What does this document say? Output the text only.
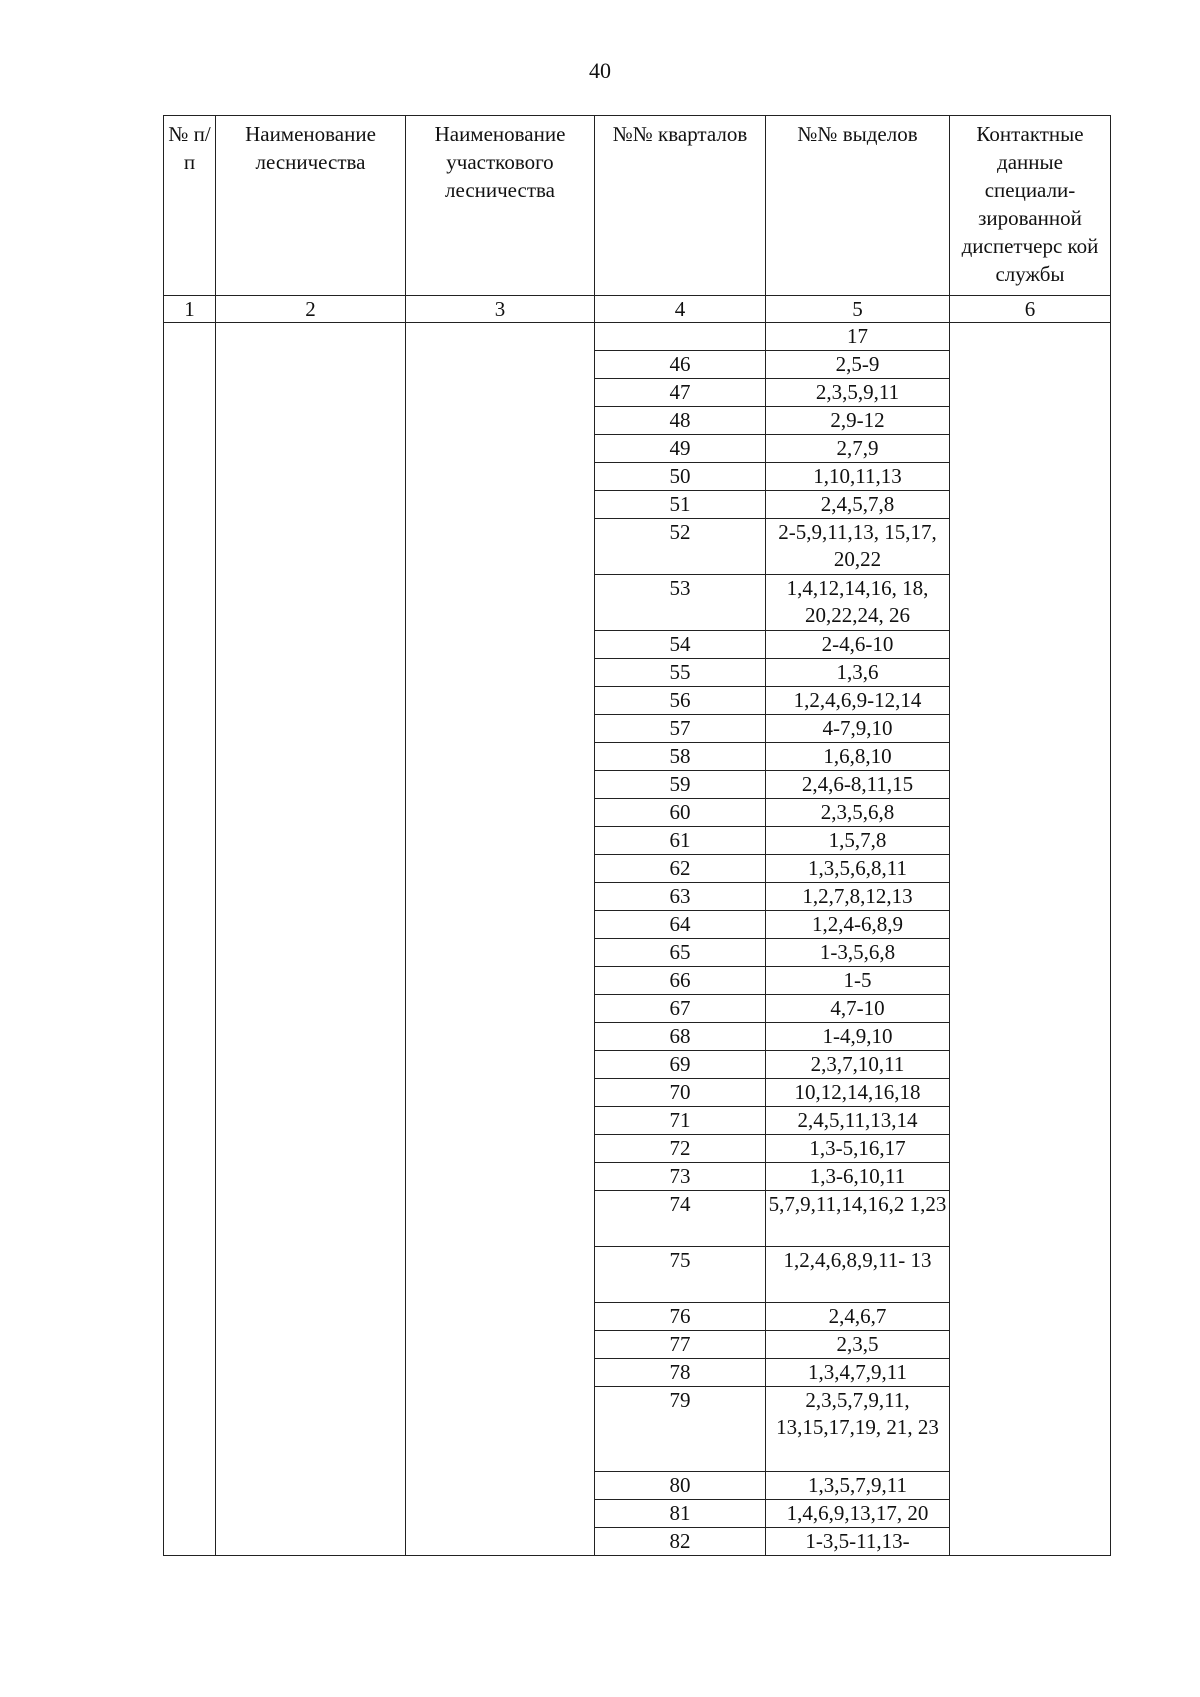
40
№ п/п	Наименование лесничества	Наименование участкового лесничества	№№ кварталов	№№ выделов	Контактные данные специали-зированной диспетчерс кой службы
1	2	3	4	5	6
				17	
			46	2,5-9	
			47	2,3,5,9,11	
			48	2,9-12	
			49	2,7,9	
			50	1,10,11,13	
			51	2,4,5,7,8	
			52	2-5,9,11,13, 15,17, 20,22	
			53	1,4,12,14,16, 18, 20,22,24, 26	
			54	2-4,6-10	
			55	1,3,6	
			56	1,2,4,6,9-12,14	
			57	4-7,9,10	
			58	1,6,8,10	
			59	2,4,6-8,11,15	
			60	2,3,5,6,8	
			61	1,5,7,8	
			62	1,3,5,6,8,11	
			63	1,2,7,8,12,13	
			64	1,2,4-6,8,9	
			65	1-3,5,6,8	
			66	1-5	
			67	4,7-10	
			68	1-4,9,10	
			69	2,3,7,10,11	
			70	10,12,14,16,18	
			71	2,4,5,11,13,14	
			72	1,3-5,16,17	
			73	1,3-6,10,11	
			74	5,7,9,11,14,16,2 1,23	
			75	1,2,4,6,8,9,11- 13	
			76	2,4,6,7	
			77	2,3,5	
			78	1,3,4,7,9,11	
			79	2,3,5,7,9,11, 13,15,17,19, 21, 23	
			80	1,3,5,7,9,11	
			81	1,4,6,9,13,17, 20	
			82	1-3,5-11,13-	
